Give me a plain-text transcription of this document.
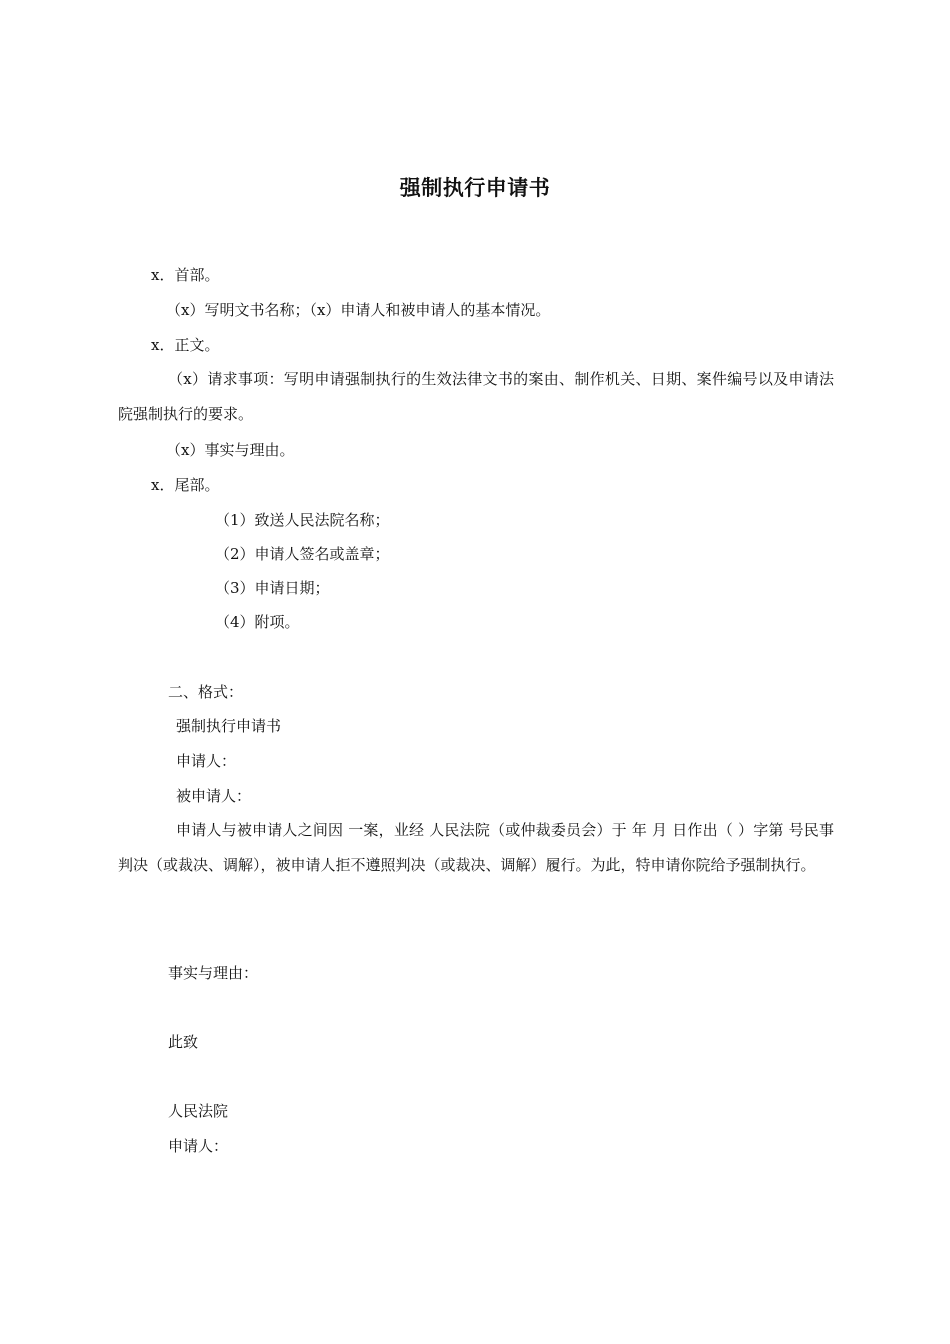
强制执行申请书
x．首部。
（x）写明文书名称；（x）申请人和被申请人的基本情况。
x．正文。
（x）请求事项：写明申请强制执行的生效法律文书的案由、制作机关、日期、案件编号以及申请法院强制执行的要求。
（x）事实与理由。
x．尾部。
（1）致送人民法院名称；
（2）申请人签名或盖章；
（3）申请日期；
（4）附项。
二、格式：
强制执行申请书
申请人：
被申请人：
申请人与被申请人之间因 一案，业经 人民法院（或仲裁委员会）于 年 月 日作出（ ）字第 号民事判决（或裁决、调解），被申请人拒不遵照判决（或裁决、调解）履行。为此，特申请你院给予强制执行。
事实与理由：
此致
人民法院
申请人：
